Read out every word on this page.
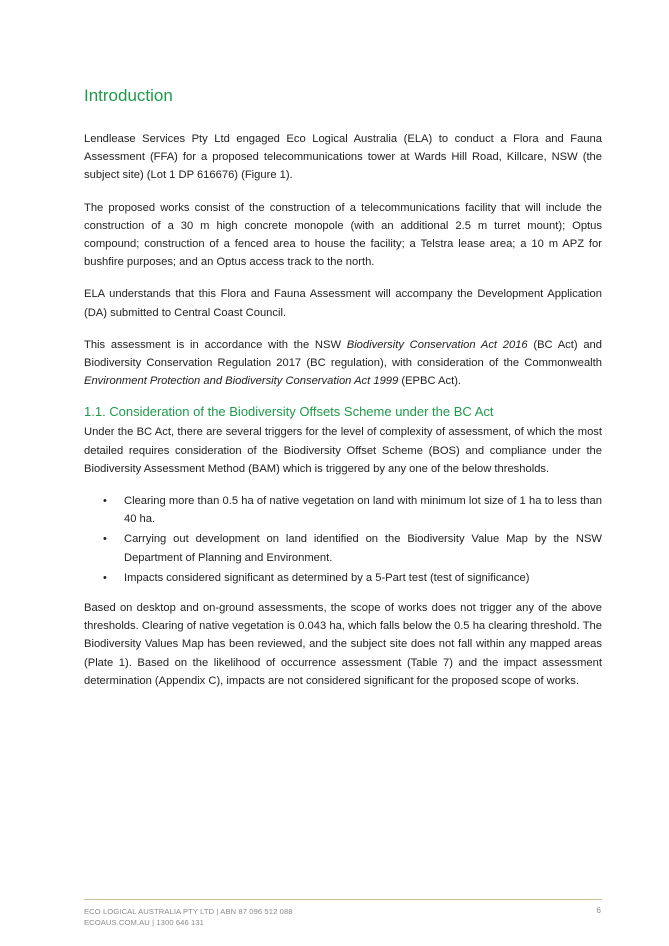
Introduction

Lendlease Services Pty Ltd engaged Eco Logical Australia (ELA) to conduct a Flora and Fauna Assessment (FFA) for a proposed telecommunications tower at Wards Hill Road, Killcare, NSW (the subject site) (Lot 1 DP 616676) (Figure 1).

The proposed works consist of the construction of a telecommunications facility that will include the construction of a 30 m high concrete monopole (with an additional 2.5 m turret mount); Optus compound; construction of a fenced area to house the facility; a Telstra lease area; a 10 m APZ for bushfire purposes; and an Optus access track to the north.

ELA understands that this Flora and Fauna Assessment will accompany the Development Application (DA) submitted to Central Coast Council.

This assessment is in accordance with the NSW Biodiversity Conservation Act 2016 (BC Act) and Biodiversity Conservation Regulation 2017 (BC regulation), with consideration of the Commonwealth Environment Protection and Biodiversity Conservation Act 1999 (EPBC Act).

1.1. Consideration of the Biodiversity Offsets Scheme under the BC Act

Under the BC Act, there are several triggers for the level of complexity of assessment, of which the most detailed requires consideration of the Biodiversity Offset Scheme (BOS) and compliance under the Biodiversity Assessment Method (BAM) which is triggered by any one of the below thresholds.

• Clearing more than 0.5 ha of native vegetation on land with minimum lot size of 1 ha to less than 40 ha.
• Carrying out development on land identified on the Biodiversity Value Map by the NSW Department of Planning and Environment.
• Impacts considered significant as determined by a 5-Part test (test of significance)

Based on desktop and on-ground assessments, the scope of works does not trigger any of the above thresholds. Clearing of native vegetation is 0.043 ha, which falls below the 0.5 ha clearing threshold. The Biodiversity Values Map has been reviewed, and the subject site does not fall within any mapped areas (Plate 1). Based on the likelihood of occurrence assessment (Table 7) and the impact assessment determination (Appendix C), impacts are not considered significant for the proposed scope of works.

ECO LOGICAL AUSTRALIA PTY LTD | ABN 87 096 512 088
ECOAUS.COM.AU | 1300 646 131
6
